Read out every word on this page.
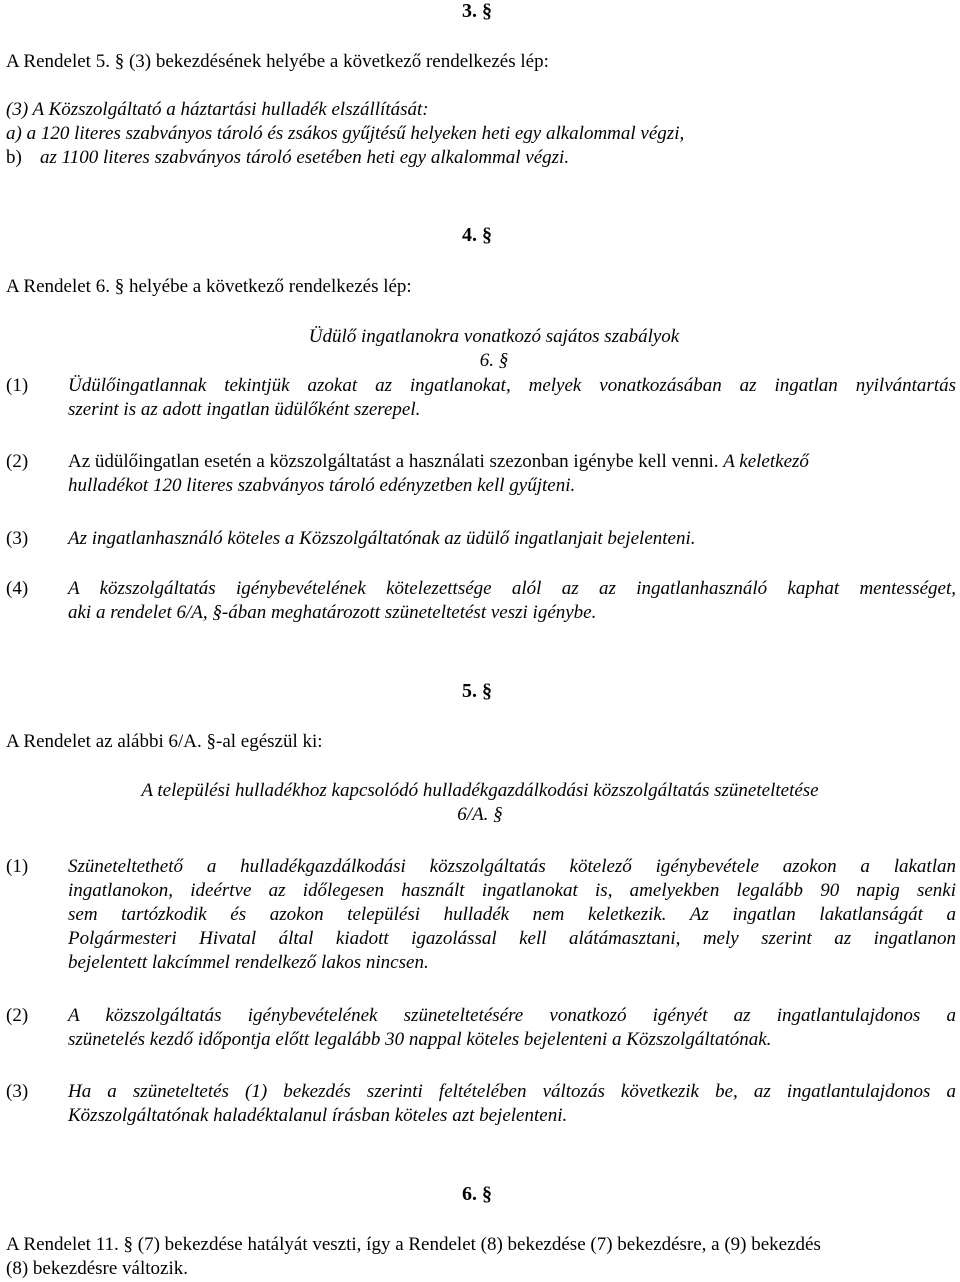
3. §
A Rendelet 5. § (3) bekezdésének helyébe a következő rendelkezés lép:
(3) A Közszolgáltató a háztartási hulladék elszállítását:
a) a 120 literes szabványos tároló és zsákos gyűjtésű helyeken heti egy alkalommal végzi,
b) az 1100 literes szabványos tároló esetében heti egy alkalommal végzi.
4. §
A Rendelet 6. § helyébe a következő rendelkezés lép:
Üdülő ingatlanokra vonatkozó sajátos szabályok
6. §
(1) Üdülőingatlannak tekintjük azokat az ingatlanokat, melyek vonatkozásában az ingatlan nyilvántartás
szerint is az adott ingatlan üdülőként szerepel.
(2) Az üdülőingatlan esetén a közszolgáltatást a használati szezonban igénybe kell venni. A keletkező
hulladékot 120 literes szabványos tároló edényzetben kell gyűjteni.
(3) Az ingatlanhasználó köteles a Közszolgáltatónak az üdülő ingatlanjait bejelenteni.
(4) A közszolgáltatás igénybevételének kötelezettsége alól az az ingatlanhasználó kaphat mentességet,
aki a rendelet 6/A, §-ában meghatározott szüneteltetést veszi igénybe.
5. §
A Rendelet az alábbi 6/A. §-al egészül ki:
A települési hulladékhoz kapcsolódó hulladékgazdálkodási közszolgáltatás szüneteltetése
6/A. §
(1) Szüneteltethető a hulladékgazdálkodási közszolgáltatás kötelező igénybevétele azokon a lakatlan
ingatlanokon, ideértve az időlegesen használt ingatlanokat is, amelyekben legalább 90 napig senki
sem tartózkodik és azokon települési hulladék nem keletkezik. Az ingatlan lakatlanságát a
Polgármesteri Hivatal által kiadott igazolással kell alátámasztani, mely szerint az ingatlanon
bejelentett lakcímmel rendelkező lakos nincsen.
(2) A közszolgáltatás igénybevételének szüneteltetésére vonatkozó igényét az ingatlantulajdonos a
szünetelés kezdő időpontja előtt legalább 30 nappal köteles bejelenteni a Közszolgáltatónak.
(3) Ha a szüneteltetés (1) bekezdés szerinti feltételében változás következik be, az ingatlantulajdonos a
Közszolgáltatónak haladéktalanul írásban köteles azt bejelenteni.
6. §
A Rendelet 11. § (7) bekezdése hatályát veszti, így a Rendelet (8) bekezdése (7) bekezdésre, a (9) bekezdés
(8) bekezdésre változik.
